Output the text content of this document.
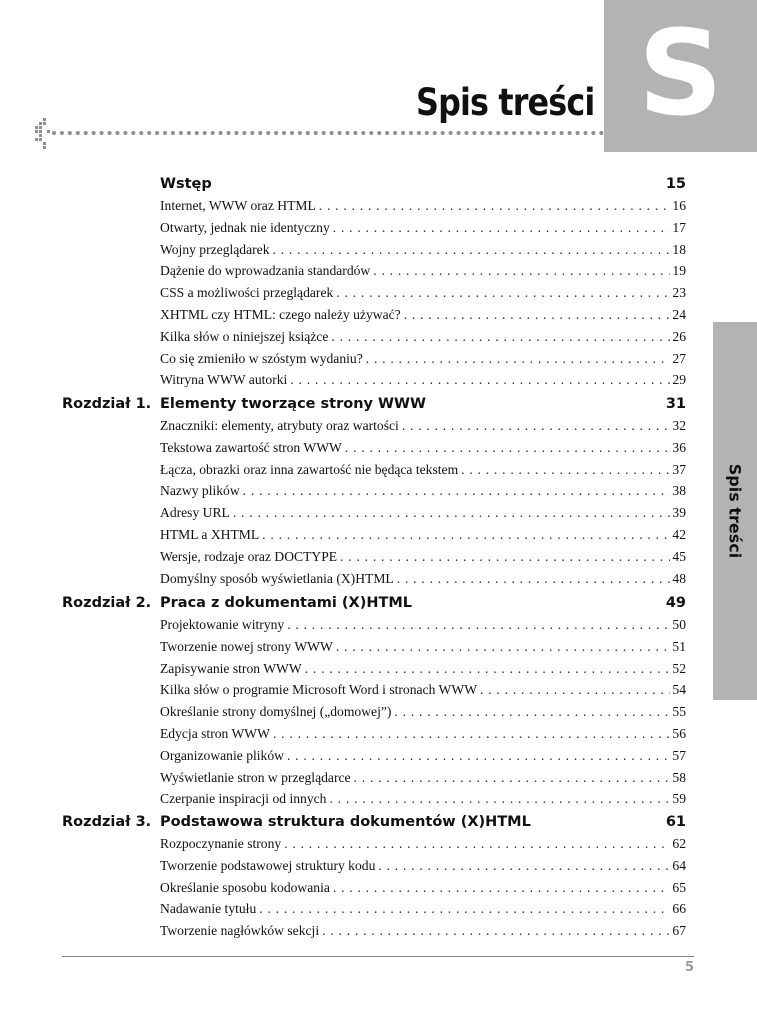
S
Spis treści
Spis treści
Wstęp	15
Internet, WWW oraz HTML . . .	16
Otwarty, jednak nie identyczny . . .	17
Wojny przeglądarek . . .	18
Dążenie do wprowadzania standardów . . .	19
CSS a możliwości przeglądarek . . .	23
XHTML czy HTML: czego należy używać? . . .	24
Kilka słów o niniejszej książce . . .	26
Co się zmieniło w szóstym wydaniu? . . .	27
Witryna WWW autorki . . .	29
Rozdział 1. Elementy tworzące strony WWW	31
Znaczniki: elementy, atrybuty oraz wartości . . .	32
Tekstowa zawartość stron WWW . . .	36
Łącza, obrazki oraz inna zawartość nie będąca tekstem . . .	37
Nazwy plików . . .	38
Adresy URL . . .	39
HTML a XHTML . . .	42
Wersje, rodzaje oraz DOCTYPE . . .	45
Domyślny sposób wyświetlania (X)HTML . . .	48
Rozdział 2. Praca z dokumentami (X)HTML	49
Projektowanie witryny . . .	50
Tworzenie nowej strony WWW . . .	51
Zapisywanie stron WWW . . .	52
Kilka słów o programie Microsoft Word i stronach WWW . . .	54
Określanie strony domyślnej („domowej”) . . .	55
Edycja stron WWW . . .	56
Organizowanie plików . . .	57
Wyświetlanie stron w przeglądarce . . .	58
Czerpanie inspiracji od innych . . .	59
Rozdział 3. Podstawowa struktura dokumentów (X)HTML	61
Rozpoczynanie strony . . .	62
Tworzenie podstawowej struktury kodu . . .	64
Określanie sposobu kodowania . . .	65
Nadawanie tytułu . . .	66
Tworzenie nagłówków sekcji . . .	67
5
